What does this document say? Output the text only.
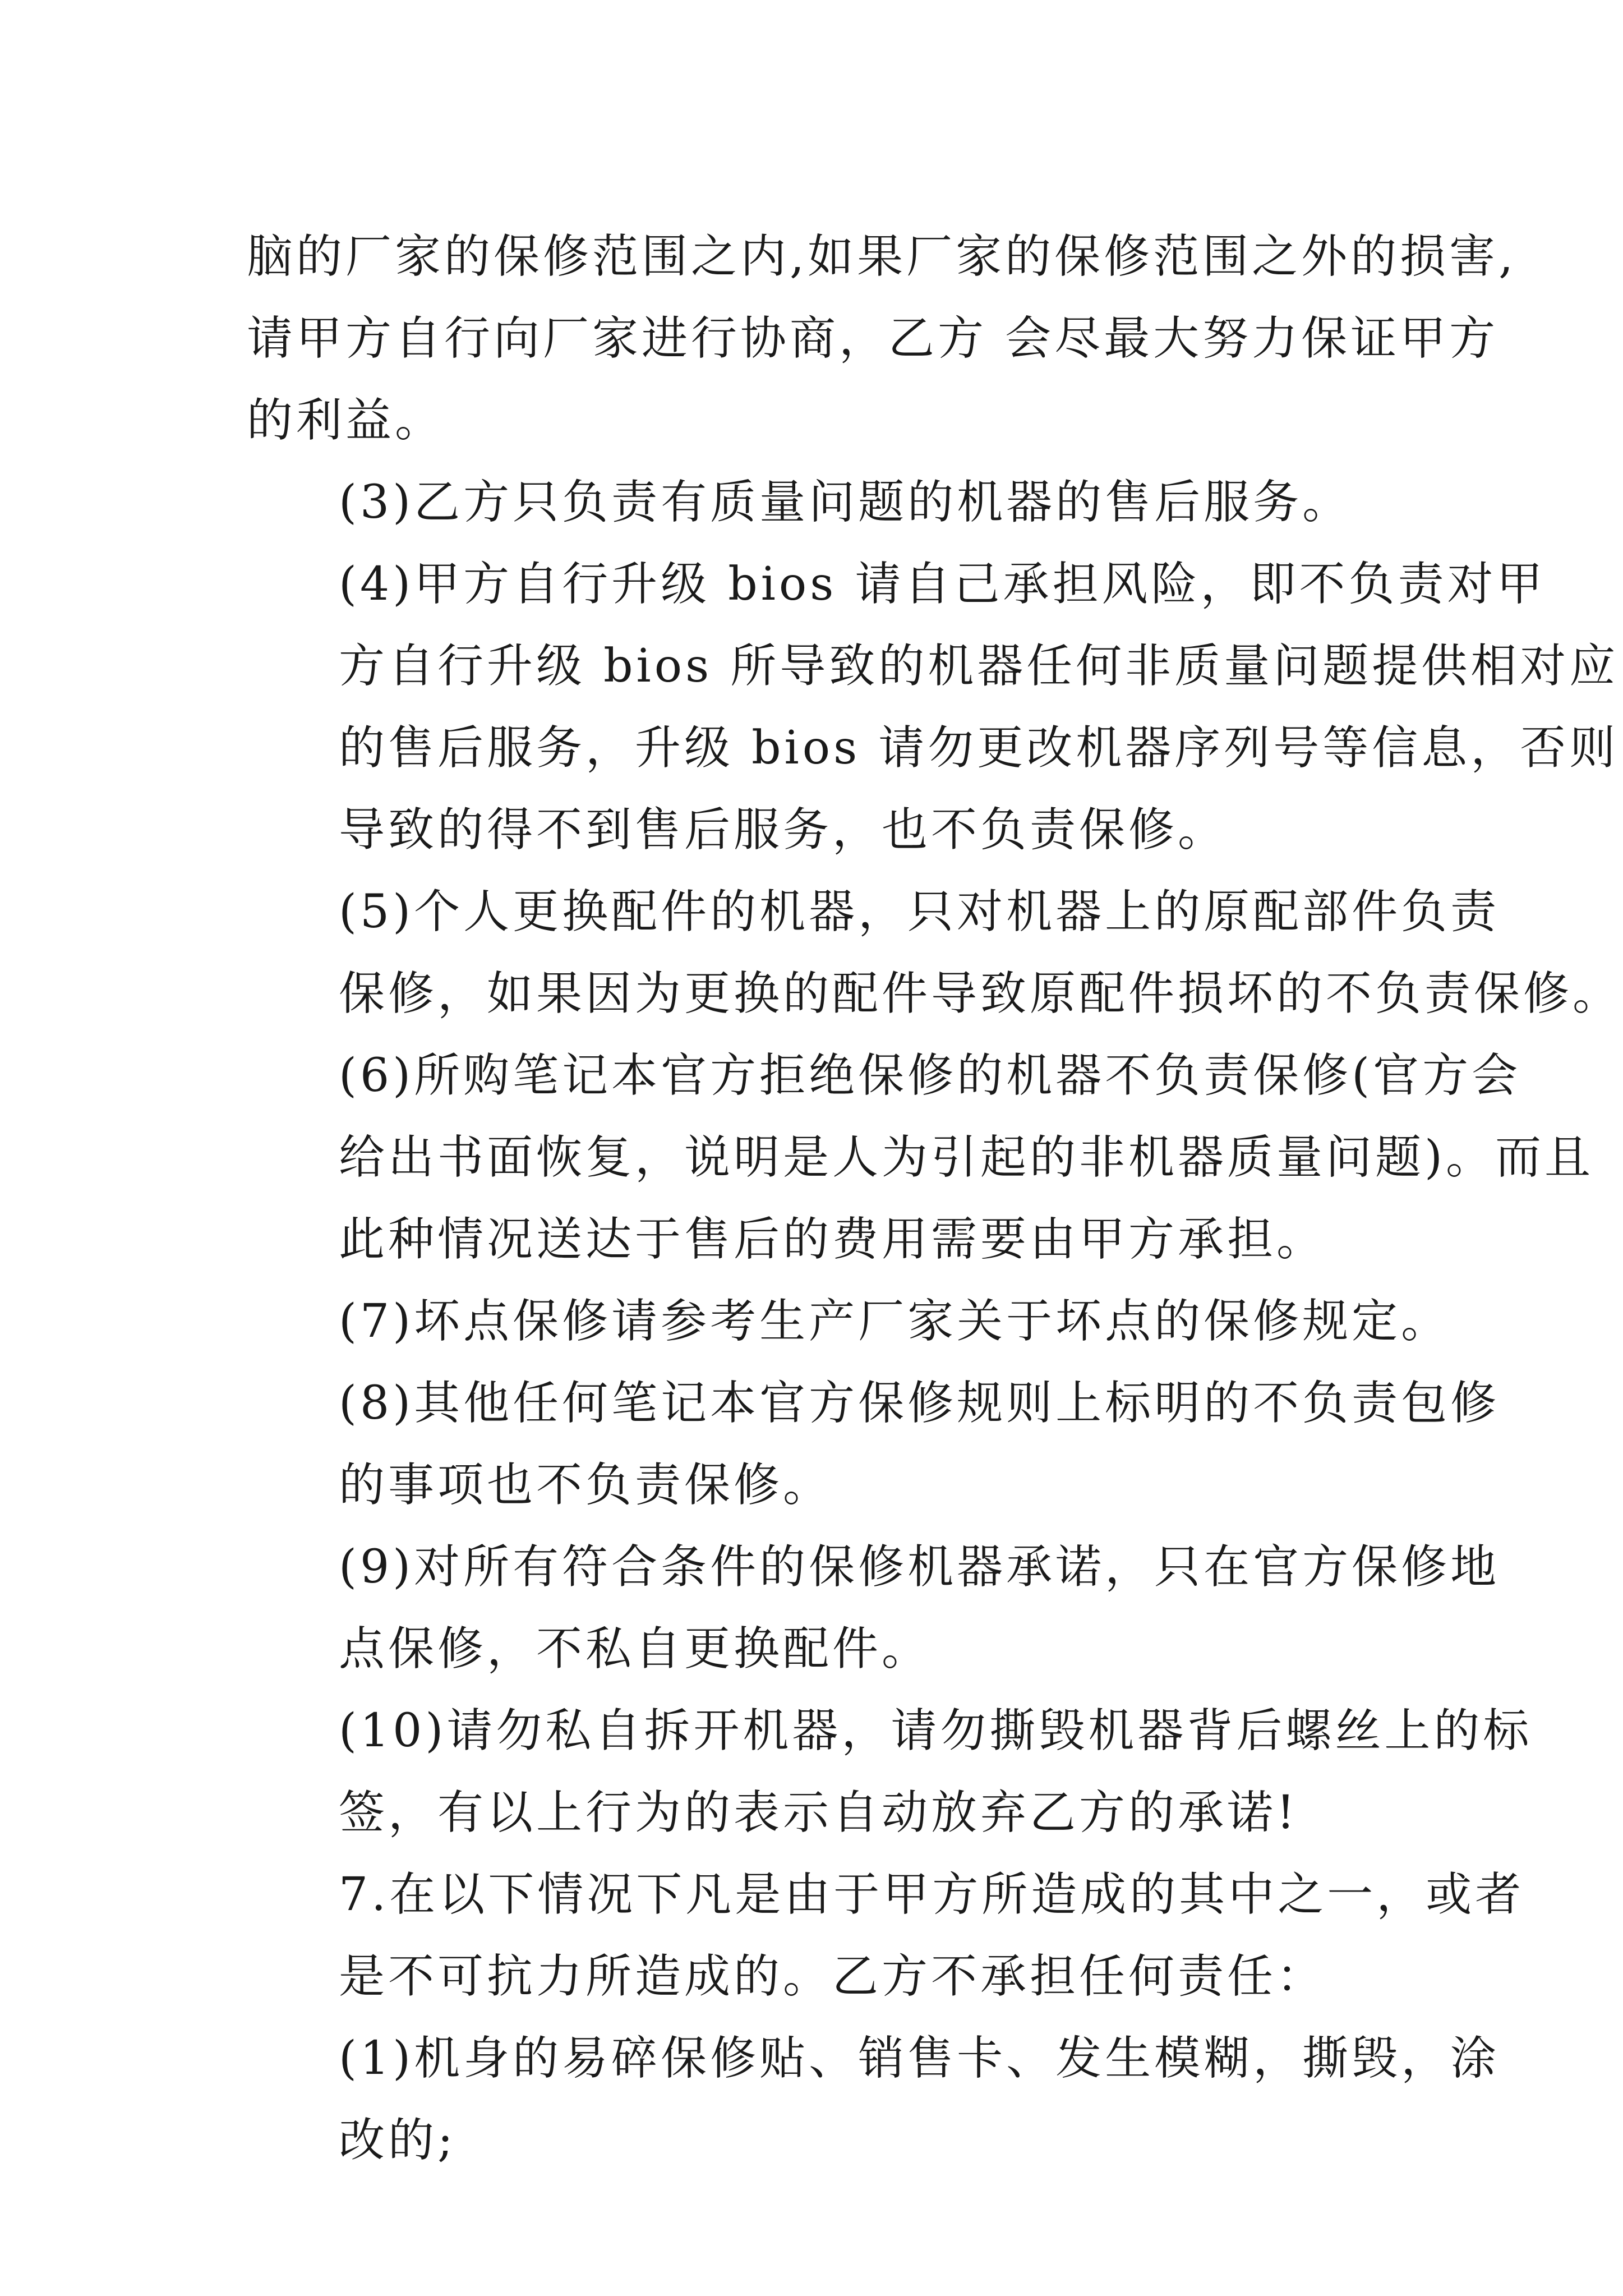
脑的厂家的保修范围之内,如果厂家的保修范围之外的损害,
请甲方自行向厂家进行协商，乙方 会尽最大努力保证甲方
的利益。

(3)乙方只负责有质量问题的机器的售后服务。

(4)甲方自行升级 bios 请自己承担风险，即不负责对甲
方自行升级 bios 所导致的机器任何非质量问题提供相对应
的售后服务，升级 bios 请勿更改机器序列号等信息，否则
导致的得不到售后服务，也不负责保修。

(5)个人更换配件的机器，只对机器上的原配部件负责
保修，如果因为更换的配件导致原配件损坏的不负责保修。

(6)所购笔记本官方拒绝保修的机器不负责保修(官方会
给出书面恢复，说明是人为引起的非机器质量问题)。而且
此种情况送达于售后的费用需要由甲方承担。

(7)坏点保修请参考生产厂家关于坏点的保修规定。

(8)其他任何笔记本官方保修规则上标明的不负责包修
的事项也不负责保修。

(9)对所有符合条件的保修机器承诺，只在官方保修地
点保修，不私自更换配件。

(10)请勿私自拆开机器，请勿撕毁机器背后螺丝上的标
签，有以上行为的表示自动放弃乙方的承诺!

7.在以下情况下凡是由于甲方所造成的其中之一，或者
是不可抗力所造成的。乙方不承担任何责任：

(1)机身的易碎保修贴、销售卡、发生模糊，撕毁，涂
改的;
